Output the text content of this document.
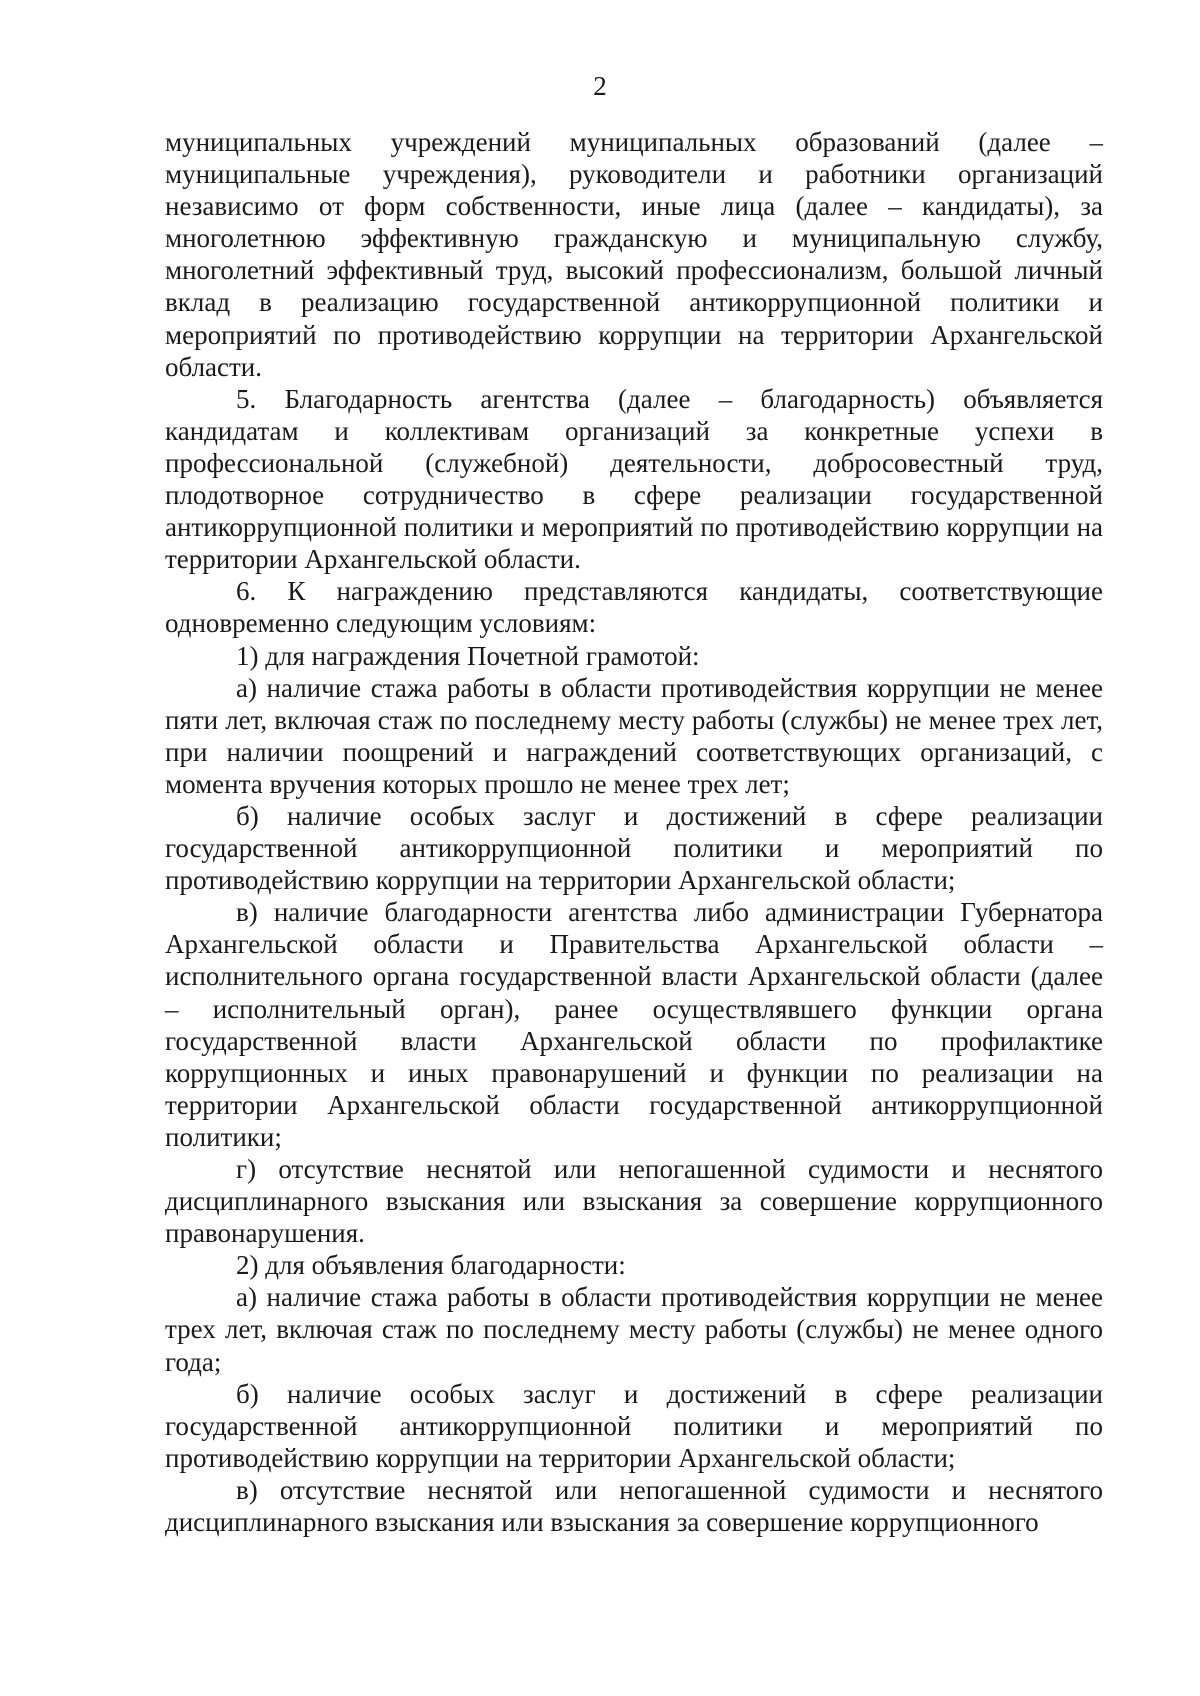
2

муниципальных учреждений муниципальных образований (далее – муниципальные учреждения), руководители и работники организаций независимо от форм собственности, иные лица (далее – кандидаты), за многолетнюю эффективную гражданскую и муниципальную службу, многолетний эффективный труд, высокий профессионализм, большой личный вклад в реализацию государственной антикоррупционной политики и мероприятий по противодействию коррупции на территории Архангельской области.

5. Благодарность агентства (далее – благодарность) объявляется кандидатам и коллективам организаций за конкретные успехи в профессиональной (служебной) деятельности, добросовестный труд, плодотворное сотрудничество в сфере реализации государственной антикоррупционной политики и мероприятий по противодействию коррупции на территории Архангельской области.

6. К награждению представляются кандидаты, соответствующие одновременно следующим условиям:

1) для награждения Почетной грамотой:

а) наличие стажа работы в области противодействия коррупции не менее пяти лет, включая стаж по последнему месту работы (службы) не менее трех лет, при наличии поощрений и награждений соответствующих организаций, с момента вручения которых прошло не менее трех лет;

б) наличие особых заслуг и достижений в сфере реализации государственной антикоррупционной политики и мероприятий по противодействию коррупции на территории Архангельской области;

в) наличие благодарности агентства либо администрации Губернатора Архангельской области и Правительства Архангельской области – исполнительного органа государственной власти Архангельской области (далее – исполнительный орган), ранее осуществлявшего функции органа государственной власти Архангельской области по профилактике коррупционных и иных правонарушений и функции по реализации на территории Архангельской области государственной антикоррупционной политики;

г) отсутствие неснятой или непогашенной судимости и неснятого дисциплинарного взыскания или взыскания за совершение коррупционного правонарушения.

2) для объявления благодарности:

а) наличие стажа работы в области противодействия коррупции не менее трех лет, включая стаж по последнему месту работы (службы) не менее одного года;

б) наличие особых заслуг и достижений в сфере реализации государственной антикоррупционной политики и мероприятий по противодействию коррупции на территории Архангельской области;

в) отсутствие неснятой или непогашенной судимости и неснятого дисциплинарного взыскания или взыскания за совершение коррупционного
